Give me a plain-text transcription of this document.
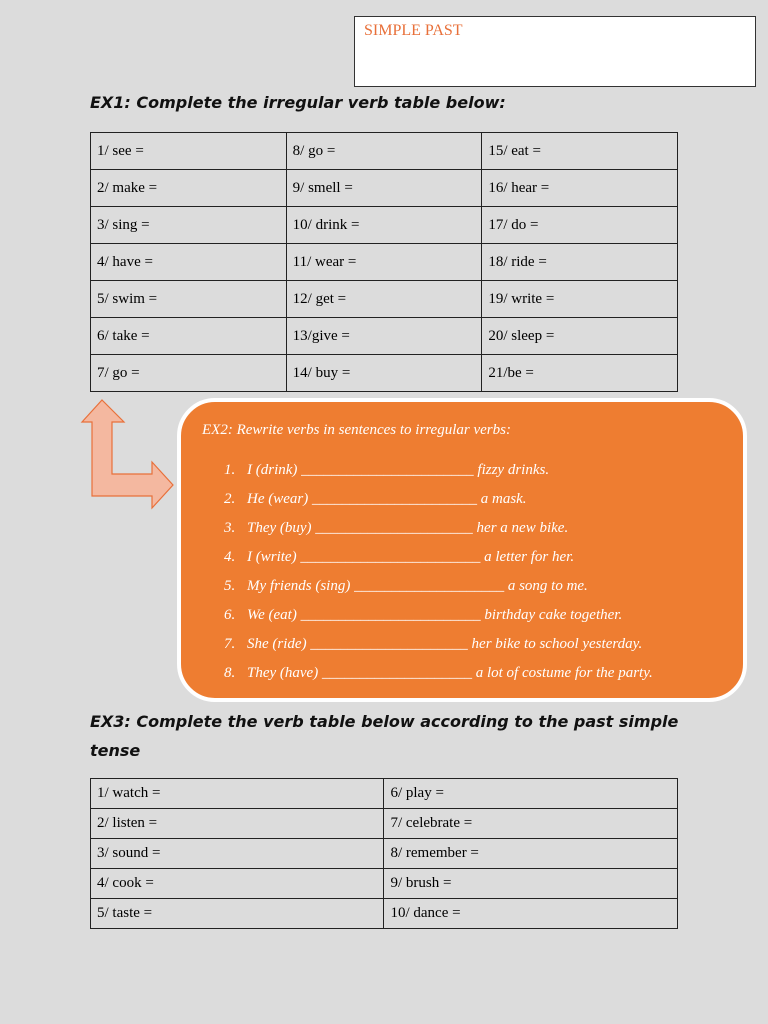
SIMPLE PAST
EX1: Complete the irregular verb table below:
1/ see =	8/ go =	15/ eat =
2/ make =	9/ smell =	16/ hear =
3/ sing =	10/ drink =	17/ do =
4/ have =	11/ wear =	18/ ride =
5/ swim =	12/ get =	19/ write =
6/ take =	13/give =	20/ sleep =
7/ go =	14/ buy =	21/be =
EX2: Rewrite verbs in sentences to irregular verbs:
1. I (drink) _______________________ fizzy drinks.
2. He (wear) ______________________ a mask.
3. They (buy) _____________________ her a new bike.
4. I (write) ________________________ a letter for her.
5. My friends (sing) ____________________ a song to me.
6. We (eat) ________________________ birthday cake together.
7. She (ride) _____________________ her bike to school yesterday.
8. They (have) ____________________ a lot of costume for the party.
EX3: Complete the verb table below according to the past simple tense
1/ watch =	6/ play =
2/ listen =	7/ celebrate =
3/ sound =	8/ remember =
4/ cook =	9/ brush =
5/ taste =	10/ dance =
